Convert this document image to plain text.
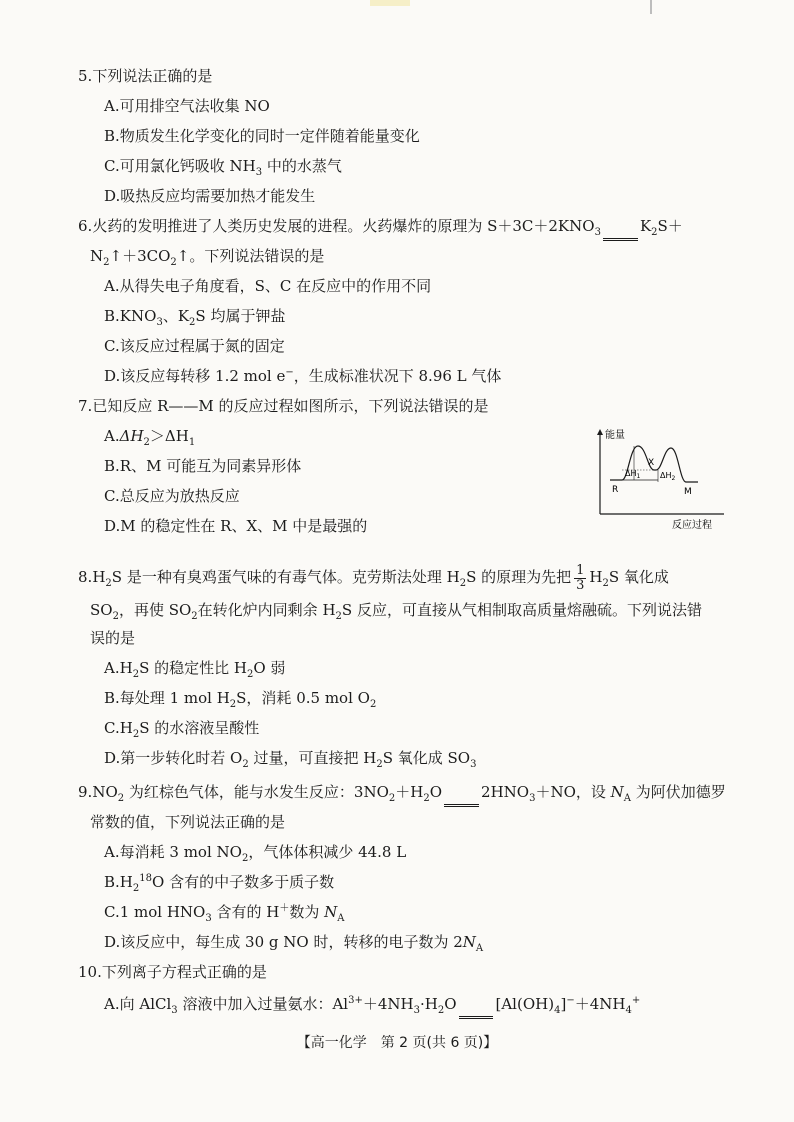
5.下列说法正确的是
A.可用排空气法收集 NO
B.物质发生化学变化的同时一定伴随着能量变化
C.可用氯化钙吸收 $NH_3$ 中的水蒸气
D.吸热反应均需要加热才能发生
6.火药的发明推进了人类历史发展的进程。火药爆炸的原理为 $S+3C+2KNO_3$	$K_2S+$
$N_2↑+3CO_2↑$。下列说法错误的是
A.从得失电子角度看，S、C 在反应中的作用不同
$B.KNO_3$、$K_2S$ 均属于钾盐
C.该反应过程属于氮的固定
D.该反应每转移 1.2 mol e−，生成标准状况下 8.96 L 气体
7.已知反应 R——M 的反应过程如图所示，下列说法错误的是
$A.\Delta H_2>\Delta H_1$
B.R、M 可能互为同素异形体
C.总反应为放热反应
D.M 的稳定性在 R、X、M 中是最强的
能量
反应过程
$\Delta H_1$ $\Delta H_2$
X
R	M
$8.H_2S$ 是一种有臭鸡蛋气味的有毒气体。克劳斯法处理 $H_2S$ 的原理为先把 $\frac{1}{3} H_2S$ 氧化成
$SO_2$，再使 $SO_2$在转化炉内同剩余 $H_2S$ 反应，可直接从气相制取高质量熔融硫。下列说法错
误的是
$A.H_2S$ 的稳定性比 $H_2O$ 弱
B.每处理 1 mol $H_2S$，消耗 0.5 mol $O_2$
$C.H_2S$ 的水溶液呈酸性
D.第一步转化时若 $O_2$ 过量，可直接把 $H_2S$ 氧化成 $SO_3$
$9.NO_2$ 为红棕色气体，能与水发生反应：$3NO_2+H_2O$	$2HNO_3+NO$，设 $N_A$ 为阿伏加德罗
常数的值，下列说法正确的是
A.每消耗 3 mol $NO_2$，气体体积减少 44.8 L
$B.H_2^{18}O$ 含有的中子数多于质子数
C.1 mol $HNO_3$ 含有的 H＋数为 $N_A$
D.该反应中，每生成 30 g NO 时，转移的电子数为 $2N_A$
10.下列离子方程式正确的是
A.向 AlCl$_3$ 溶液中加入过量氨水：$Al^{3+}+4NH_3\cdot H_2O$	$[Al(OH)_4]^-+4NH_4^+$
【高一化学　第 2 页(共 6 页)】
